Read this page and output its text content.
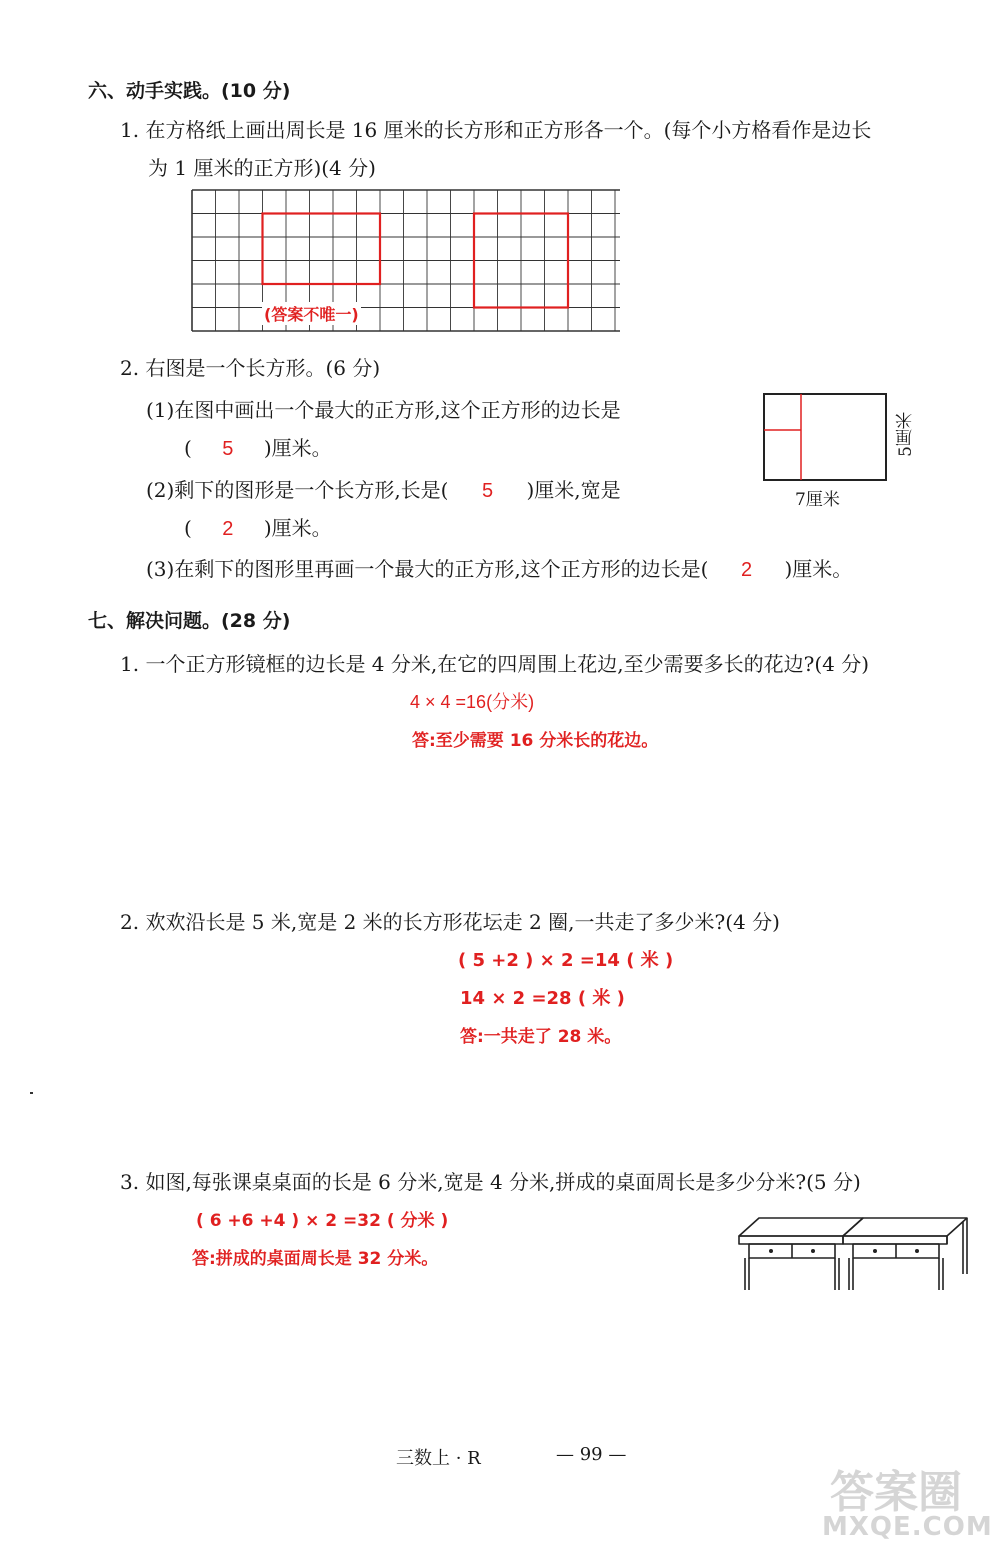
六、动手实践。(10 分)
1. 在方格纸上画出周长是 16 厘米的长方形和正方形各一个。(每个小方格看作是边长
为 1 厘米的正方形)(4 分)
(答案不唯一)
2. 右图是一个长方形。(6 分)
(1)在图中画出一个最大的正方形,这个正方形的边长是
( 5 )厘米。
(2)剩下的图形是一个长方形,长是( 5 )厘米,宽是
( 2 )厘米。
(3)在剩下的图形里再画一个最大的正方形,这个正方形的边长是( 2 )厘米。
7厘米
5厘米
七、解决问题。(28 分)
1. 一个正方形镜框的边长是 4 分米,在它的四周围上花边,至少需要多长的花边?(4 分)
4 × 4 =16(分米)
答:至少需要 16 分米长的花边。
2. 欢欢沿长是 5 米,宽是 2 米的长方形花坛走 2 圈,一共走了多少米?(4 分)
( 5 +2 ) × 2 =14 ( 米 )
14 × 2 =28 ( 米 )
答:一共走了 28 米。
3. 如图,每张课桌桌面的长是 6 分米,宽是 4 分米,拼成的桌面周长是多少分米?(5 分)
( 6 +6 +4 ) × 2 =32 ( 分米 )
答:拼成的桌面周长是 32 分米。
三数上 · R	— 99 —
答案圈
MXQE.COM
